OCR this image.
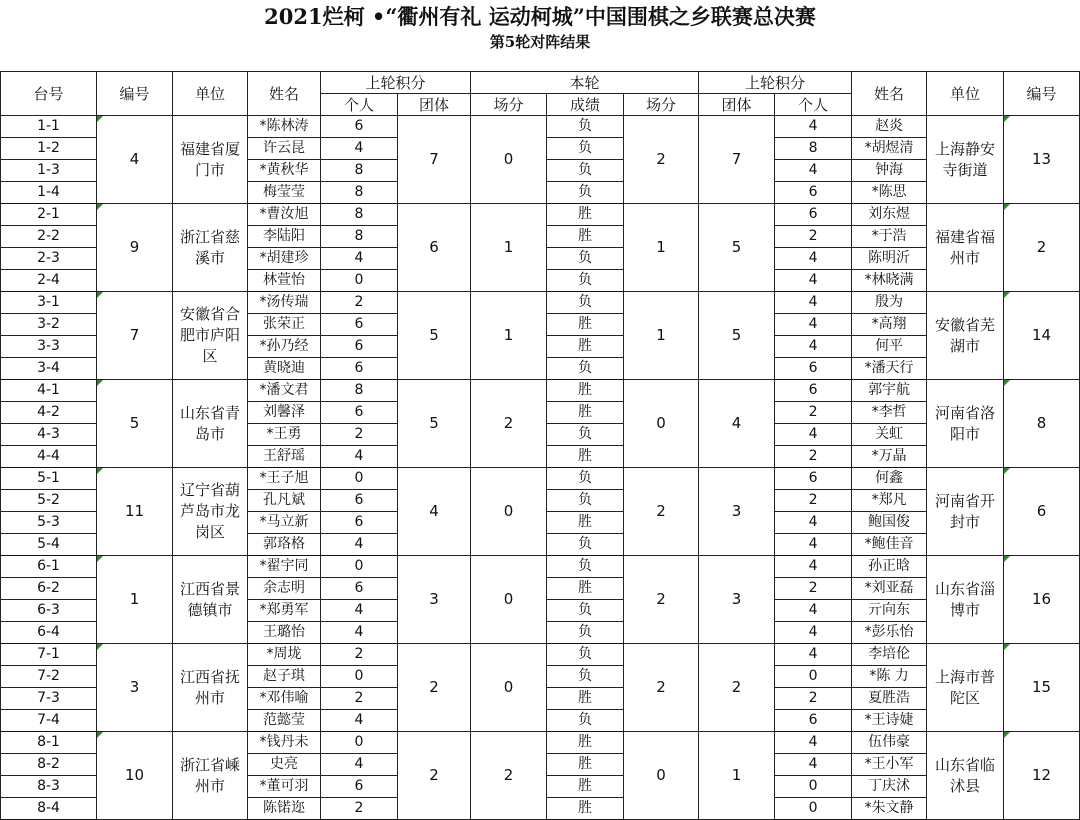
2021烂柯 •“衢州有礼 运动柯城”中国围棋之乡联赛总决赛
第5轮对阵结果
台号	编号	单位	姓名	上轮积分		本轮			上轮积分		姓名	单位	编号
				个人	团体	场分	成绩	场分	团体	个人			
1-1	4	福建省厦门市	*陈林涛	6	7	0	负	2	7	4	赵炎	上海静安寺街道	13
1-2			许云昆	4			负			8	*胡煜清		
1-3			*黄秋华	8			负			4	钟海		
1-4			梅莹莹	8			负			6	*陈思		
2-1	9	浙江省慈溪市	*曹汝旭	8	6	1	胜	1	5	6	刘东煜	福建省福州市	2
2-2			李陆阳	8			胜			2	*于浩		
2-3			*胡建珍	4			负			4	陈明沂		
2-4			林萱怡	0			负			4	*林晓满		
3-1	7	安徽省合肥市庐阳区	*汤传瑞	2	5	1	负	1	5	4	殷为	安徽省芜湖市	14
3-2			张荣正	6			胜			4	*高翔		
3-3			*孙乃经	6			胜			4	何平		
3-4			黄晓迪	6			负			6	*潘天行		
4-1	5	山东省青岛市	*潘文君	8	5	2	胜	0	4	6	郭宇航	河南省洛阳市	8
4-2			刘馨泽	6			胜			2	*李哲		
4-3			*王勇	2			负			4	关虹		
4-4			王舒瑶	4			胜			2	*万晶		
5-1	11	辽宁省葫芦岛市龙岗区	*王子旭	0	4	0	负	2	3	6	何鑫	河南省开封市	6
5-2			孔凡斌	6			负			2	*郑凡		
5-3			*马立新	6			胜			4	鲍国俊		
5-4			郭珞格	4			负			4	*鲍佳音		
6-1	1	江西省景德镇市	*翟宇同	0	3	0	负	2	3	4	孙正晗	山东省淄博市	16
6-2			余志明	6			胜			2	*刘亚磊		
6-3			*郑勇军	4			负			4	亓向东		
6-4			王璐怡	4			负			4	*彭乐怡		
7-1	3	江西省抚州市	*周垅	2	2	0	负	2	2	4	李培伦	上海市普陀区	15
7-2			赵子琪	0			负			0	*陈 力		
7-3			*邓伟喻	2			胜			2	夏胜浩		
7-4			范懿莹	4			负			6	*王诗婕		
8-1	10	浙江省嵊州市	*钱丹未	0	2	2	胜	0	1	4	伍伟豪	山东省临沭县	12
8-2			史亮	4			胜			4	*王小军		
8-3			*董可羽	6			胜			0	丁庆沭		
8-4			陈锘迩	2			胜			0	*朱文静		
